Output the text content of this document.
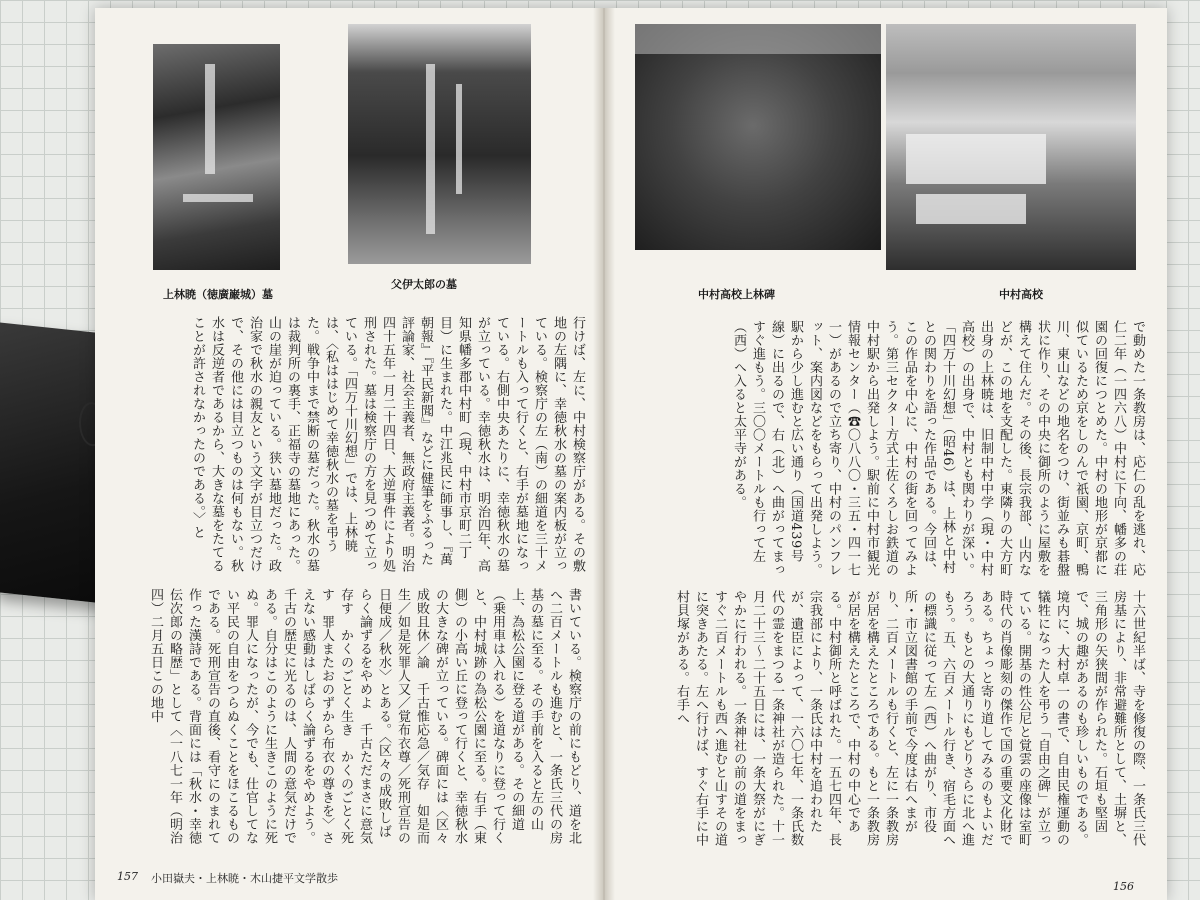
上林暁（徳廣巌城）墓
父伊太郎の墓
行けば、左に、中村検察庁がある。その敷地の左隅に、幸徳秋水の墓の案内板が立っている。検察庁の左（南）の細道を三十メートルも入って行くと、右手が墓地になっている。右側中央あたりに、幸徳秋水の墓が立っている。幸徳秋水は、明治四年、高知県幡多郡中村町（現、中村市京町二丁目）に生まれた。中江兆民に師事し、『萬朝報』『平民新聞』などに健筆をふるった評論家、社会主義者、無政府主義者。明治四十五年一月二十四日、大逆事件により処刑された。墓は検察庁の方を見つめて立っている。「四万十川幻想」では、上林暁は、〈私ははじめて幸徳秋水の墓を弔うた。戦争中まで禁断の墓だった。秋水の墓は裁判所の裏手、正福寺の墓地にあった。山の崖が迫っている。狭い墓地だった。政治家で秋水の親友という文字が目立つだけで、その他には目立つものは何もない。秋水は反逆者であるから、大きな墓をたてることが許されなかったのである。〉と
書いている。検察庁の前にもどり、道を北へ二百メートルも進むと、一条氏三代の房基の墓に至る。その手前を入ると左の山上、為松公園に登る道がある。その細道（乗用車は入れる）を道なりに登って行くと、中村城跡の為松公園に至る。右手（東側）の小高い丘に登って行くと、幸徳秋水の大きな碑が立っている。碑面には〈区々成敗且休／論　千古惟応急／気存　如是而生／如是死罪人又／覚布衣尊／死刑宣告の日便成／秋水〉とある。〈区々の成敗しばらく論ずるをやめよ　千古ただまさに意気存す　かくのごとく生き　かくのごとく死す　罪人またおのずから布衣の尊きを〉さえない感動はしばらく論ずるをやめよう。千古の歴史に光るのは、人間の意気だけである。自分はこのように生きこのように死ぬ。罪人になったが、今でも、仕官してない平民の自由をつらぬくことをほこるものである。死刑宣告の直後、看守にのまれて作った漢詩である。背面には「秋水・幸徳伝次郎の略歴」として〈一八七一年（明治四）二月五日この地中
157 小田嶽夫・上林暁・木山捷平文学散歩
中村高校上林碑	中村高校
で動めた一条教房は、応仁の乱を逃れ、応仁二年（一四六八）中村に下向、幡多の荘園の回復につとめた。中村の地形が京都に似ているため京をしのんで祇園、京町、鴨川、東山などの地名をつけ、街並みも碁盤状に作り、その中央に御所のように屋敷を構えて住んだ。その後、長宗我部、山内などが、この地を支配した。東隣りの大方町出身の上林暁は、旧制中村中学（現・中村高校）の出身で、中村とも関わりが深い。「四万十川幻想」（昭46）は、上林と中村との関わりを語った作品である。今回は、この作品を中心に、中村の街を回ってみよう。第三セクター方式土佐くろしお鉄道の中村駅から出発しよう。駅前に中村市観光情報センター（☎〇八八〇・三五・四一七一）があるので立ち寄り、中村のパンフレット、案内図などをもらって出発しよう。駅から少し進むと広い通り（国道439号線）に出るので、右（北）へ曲がってまっすぐ進もう。三〇〇メートルも行って左（西）へ入ると太平寺がある。
十六世紀半ば、寺を修復の際、一条氏三代房基により、非常避難所として、土塀と、三角形の矢狭間が作られた。石垣も堅固で、城の趣があるのも珍しいものである。境内に、大村卓一の書で、自由民権運動の犠牲になった人を弔う「自由之碑」が立っている。開基の性公尼と覚雲の座像は室町時代の肖像彫刻の傑作で国の重要文化財である。ちょっと寄り道してみるのもよいだろう。もとの大通りにもどりさらに北へ進もう。五、六百メートル行き、宿毛方面への標識に従って左（西）へ曲がり、市役所・市立図書館の手前で今度は右へまがり、二百メートルも行くと、左に一条教房が居を構えたところである。もと一条教房が居を構えたところで、中村の中心である。中村御所と呼ばれた。一五七四年、長宗我部により、一条氏は中村を追われたが、遺臣によって、一六〇七年、一条氏数代の霊をまつる一条神社が造られた。十一月二十三〜二十五日には、一条大祭がにぎやかに行われる。一条神社の前の道をまっすぐ二百メートルも西へ進むと山すその道に突きあたる。左へ行けば、すぐ右手に中村貝塚がある。右手へ
156
